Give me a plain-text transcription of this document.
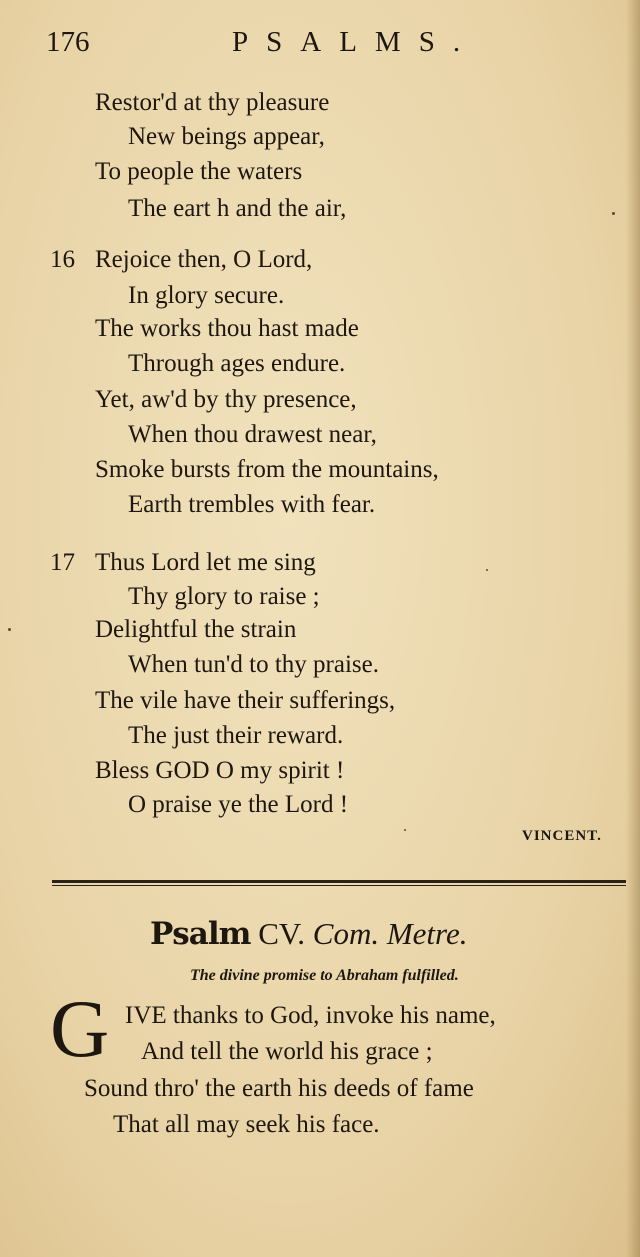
176	PSALMS.
Restor'd at thy pleasure
New beings appear,
To people the waters
The eart h and the air,
16 Rejoice then, O Lord,
In glory secure.
The works thou hast made
Through ages endure.
Yet, aw'd by thy presence,
When thou drawest near,
Smoke bursts from the mountains,
Earth trembles with fear.
17 Thus Lord let me sing
Thy glory to raise ;
Delightful the strain
When tun'd to thy praise.
The vile have their sufferings,
The just their reward.
Bless GOD O my spirit !
O praise ye the Lord !
VINCENT.
Psalm CV. Com. Metre.
The divine promise to Abraham fulfilled.
G IVE thanks to God, invoke his name,
And tell the world his grace ;
Sound thro' the earth his deeds of fame
That all may seek his face.
